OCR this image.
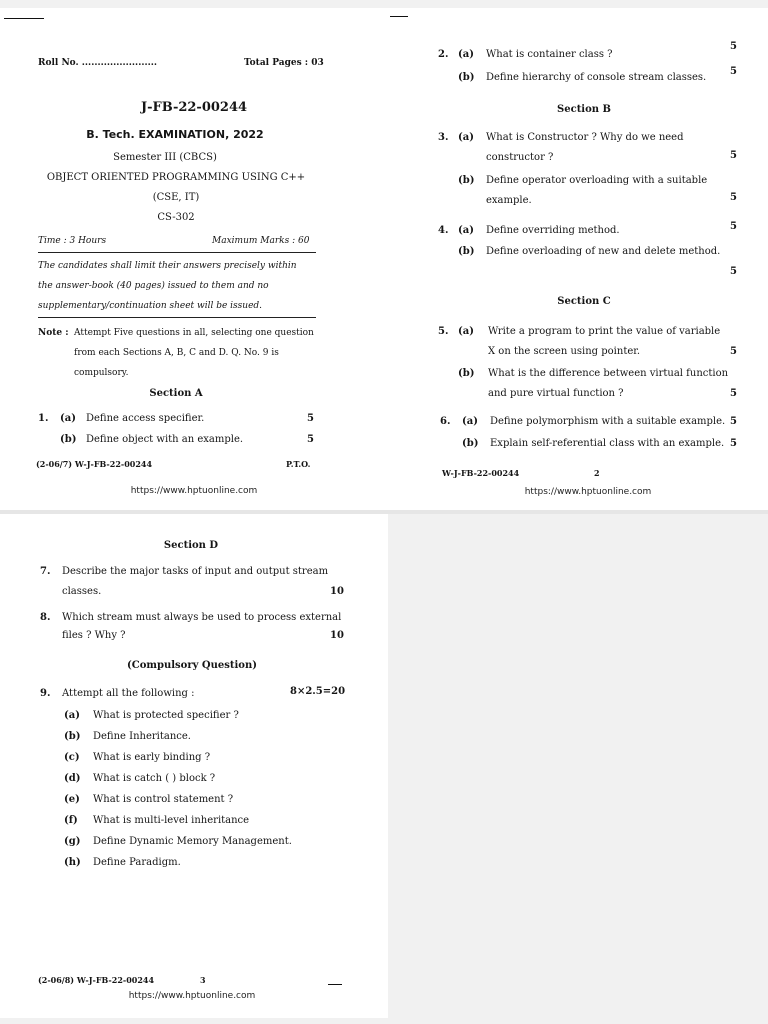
Roll No. ........................	Total Pages : 03
J-FB-22-00244
B. Tech. EXAMINATION, 2022
Semester III (CBCS)
OBJECT ORIENTED PROGRAMMING USING C++
(CSE, IT)
CS-302
Time : 3 Hours	Maximum Marks : 60
The candidates shall limit their answers precisely within
the answer-book (40 pages) issued to them and no
supplementary/continuation sheet will be issued.
Note : Attempt Five questions in all, selecting one question
from each Sections A, B, C and D. Q. No. 9 is
compulsory.
Section A
1. (a) Define access specifier.	5
(b) Define object with an example.	5
(2-06/7) W-J-FB-22-00244	P.T.O.
https://www.hptuonline.com
2. (a) What is container class ?
5
(b) Define hierarchy of console stream classes.
5
Section B
3. (a) What is Constructor ? Why do we need
constructor ?	5
(b) Define operator overloading with a suitable
example.	5
4. (a) Define overriding method.	5
(b) Define overloading of new and delete method.
5
Section C
5. (a) Write a program to print the value of variable
X on the screen using pointer.	5
(b) What is the difference between virtual function
and pure virtual function ?	5
6. (a) Define polymorphism with a suitable example. 5
(b) Explain self-referential class with an example. 5
W-J-FB-22-00244	2
https://www.hptuonline.com
Section D
7. Describe the major tasks of input and output stream
classes.	10
8. Which stream must always be used to process external
files ? Why ?	10
(Compulsory Question)
9. Attempt all the following :	8×2.5=20
(a) What is protected specifier ?
(b) Define Inheritance.
(c) What is early binding ?
(d) What is catch ( ) block ?
(e) What is control statement ?
(f) What is multi-level inheritance
(g) Define Dynamic Memory Management.
(h) Define Paradigm.
(2-06/8) W-J-FB-22-00244	3
https://www.hptuonline.com
